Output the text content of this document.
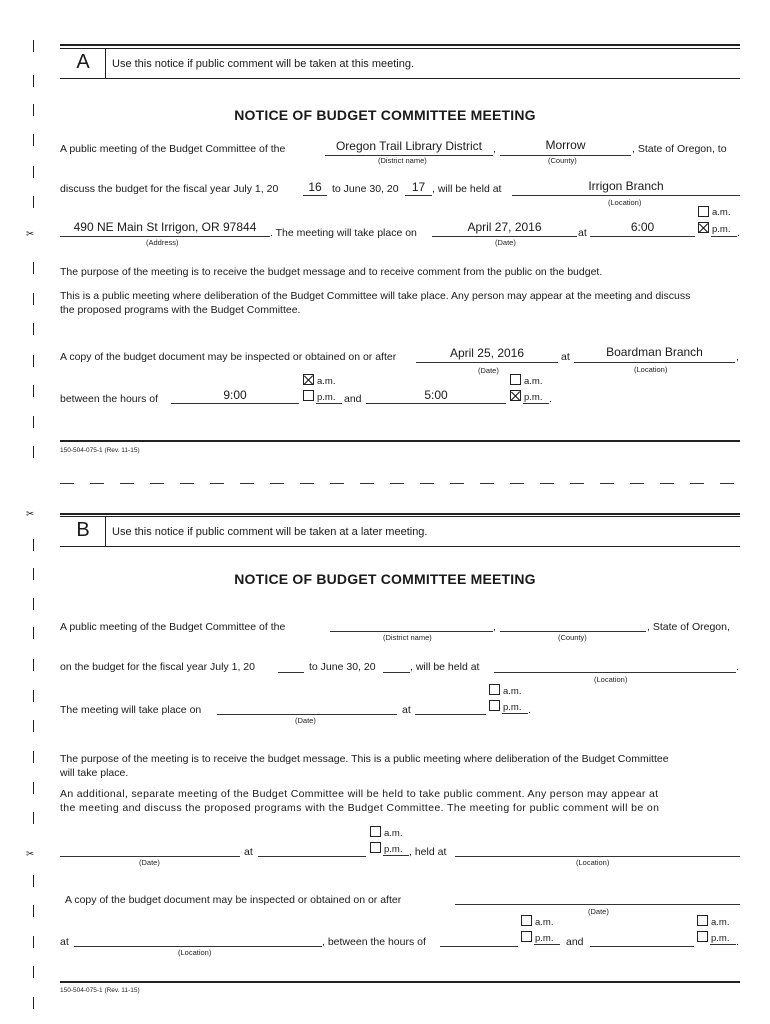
✂
✂
✂
A	Use this notice if public comment will be taken at this meeting.
NOTICE OF BUDGET COMMITTEE MEETING
A public meeting of the Budget Committee of the	Oregon Trail Library District	,	Morrow	, State of Oregon, to
(District name)	(County)
discuss the budget for the fiscal year July 1, 20	16 to June 30, 20	17 , will be held at	Irrigon Branch
(Location)
490 NE Main St Irrigon, OR 97844	. The meeting will take place on	April 27, 2016	at	6:00
(Address)	(Date)
a.m.
p.m. .
The purpose of the meeting is to receive the budget message and to receive comment from the public on the budget.
This is a public meeting where deliberation of the Budget Committee will take place. Any person may appear at the meeting and discuss
the proposed programs with the Budget Committee.
A copy of the budget document may be inspected or obtained on or after	April 25, 2016	at	Boardman Branch	,
(Date)	(Location)
between the hours of	9:00
a.m.
p.m. and	5:00
a.m.
p.m. .
150-504-075-1 (Rev. 11-15)
B	Use this notice if public comment will be taken at a later meeting.
NOTICE OF BUDGET COMMITTEE MEETING
A public meeting of the Budget Committee of the	,	, State of Oregon,
(District name)	(County)
on the budget for the fiscal year July 1, 20	to June 30, 20	, will be held at	.
(Location)
The meeting will take place on	at
(Date)
a.m.
p.m. .
The purpose of the meeting is to receive the budget message. This is a public meeting where deliberation of the Budget Committee
will take place.
An additional, separate meeting of the Budget Committee will be held to take public comment. Any person may appear at
the meeting and discuss the proposed programs with the Budget Committee. The meeting for public comment will be on
at
a.m.
p.m. , held at
(Date)	(Location)
A copy of the budget document may be inspected or obtained on or after
(Date)
at	, between the hours of
(Location)
a.m.
p.m. and
a.m.
p.m. .
150-504-075-1 (Rev. 11-15)
